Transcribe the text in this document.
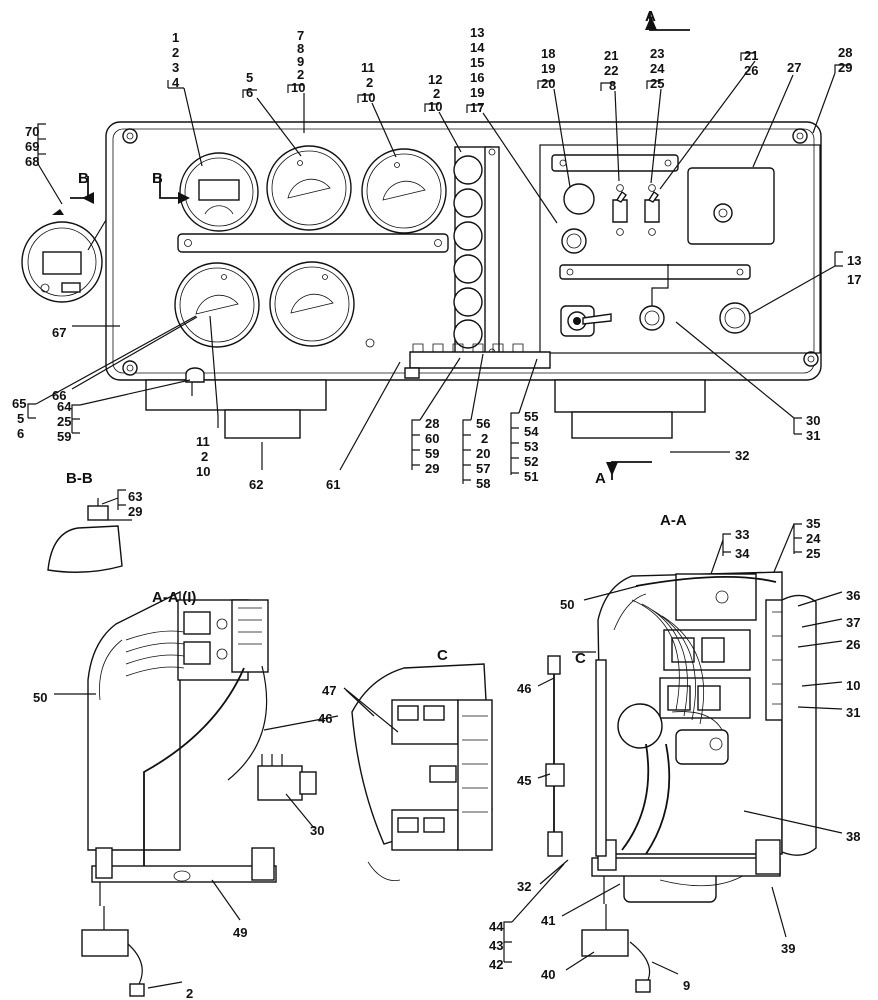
1
2
3
4	5
6
7
8
9
2
10
11
2
10
12
2
10
13
14
15
16
19
17
18
19
20
21
22
8
23
24
25
21
26 27
28
29
70
69
68
13
17
67
66
65
5
6
64
25
59	11
2
10
62	61
28
60
59
29
56
2
20
57
58
55
54
53
52
51
30
31
32
63
29
33
34
35
24
25
50
36
37
26
10
31
50
46
30
49
2
47	46
45
32
44
43
42
41
40
9
38
39
B-B
A-A (I)
A-A
C
A
A
B	B
C
